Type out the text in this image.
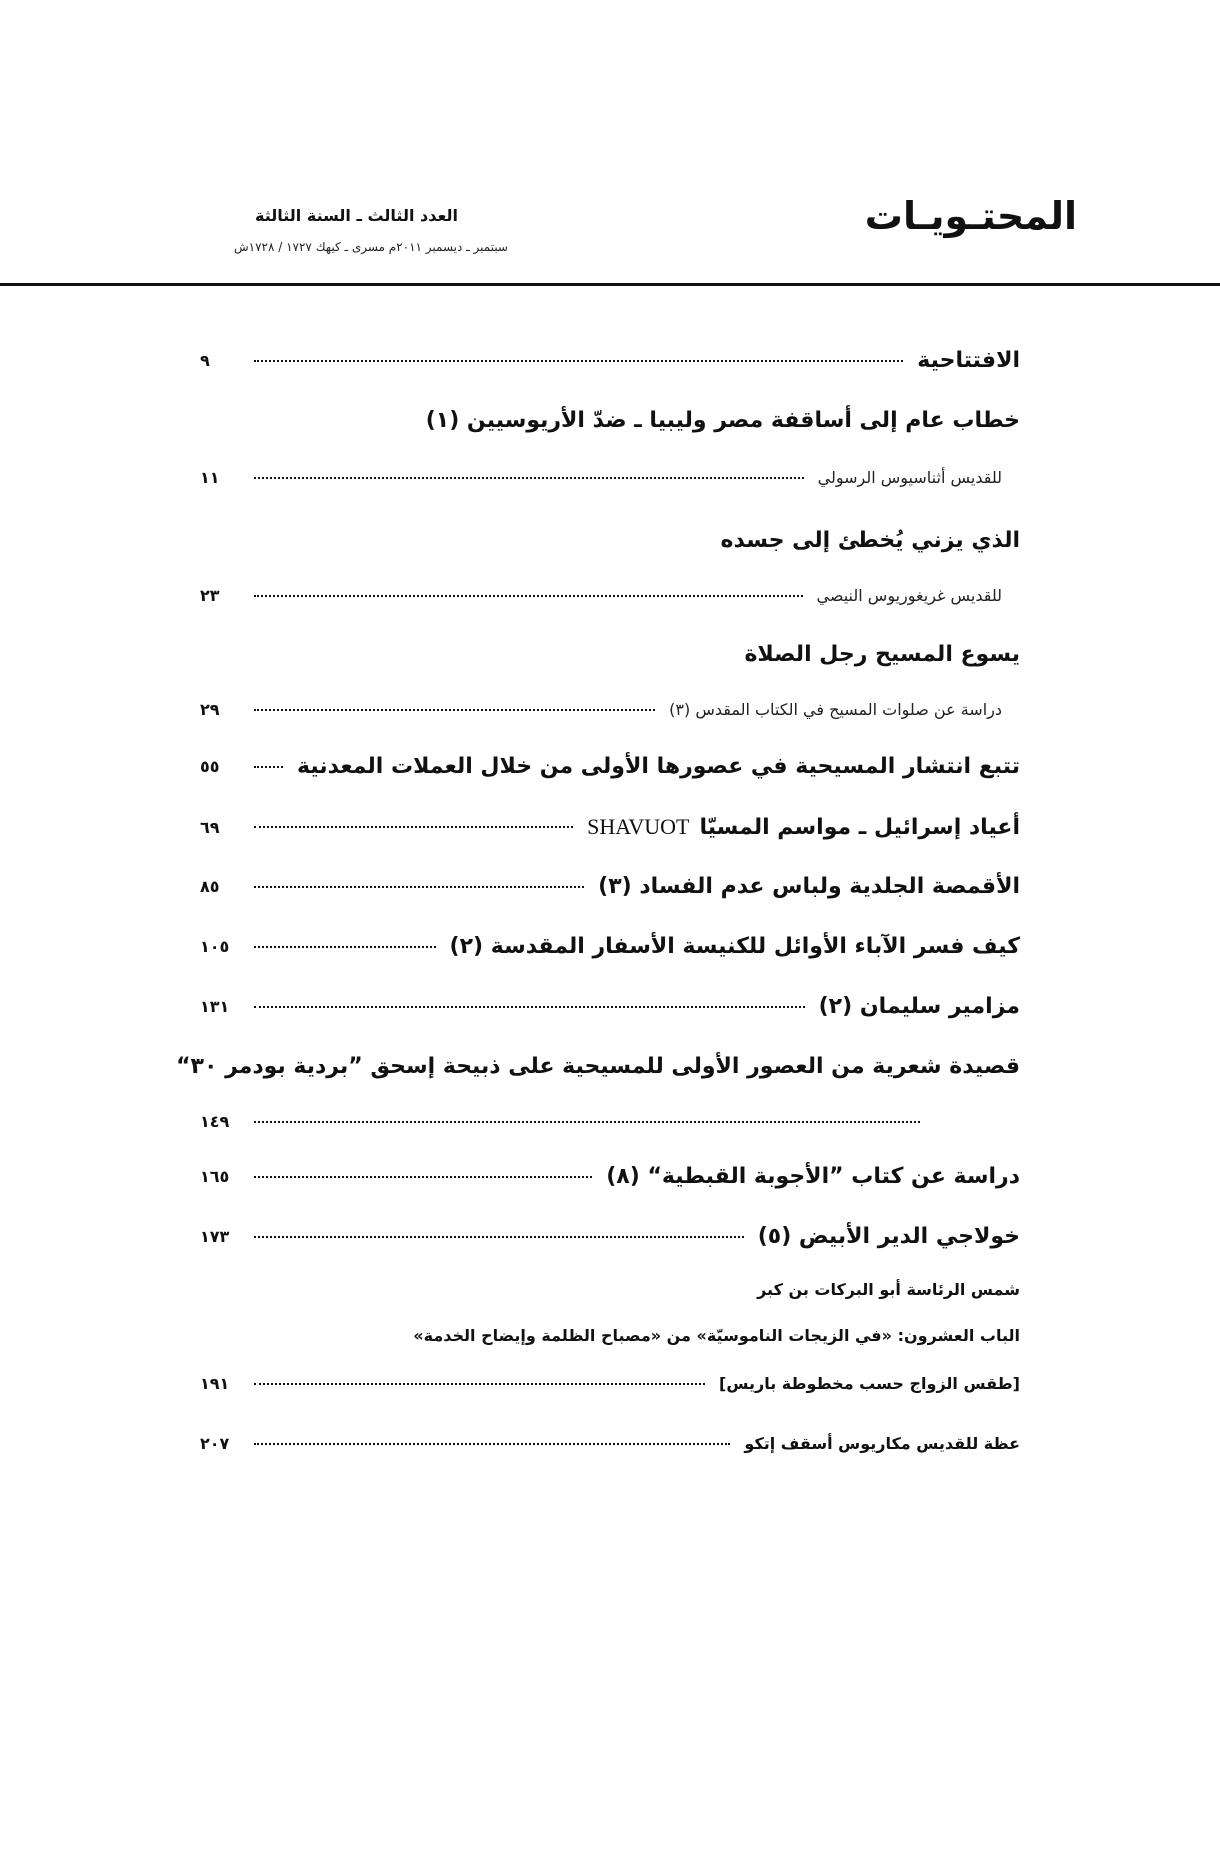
المحتـويـات
العدد الثالث ـ السنة الثالثة
سبتمبر ـ ديسمبر ٢٠١١م مسرى ـ كيهك ١٧٢٧ / ١٧٢٨ش
الافتتاحية
٩
خطاب عام إلى أساقفة مصر وليبيا ـ ضدّ الأريوسيين (١)
للقديس أثناسيوس الرسولي
١١
الذي يزني يُخطئ إلى جسده
للقديس غريغوريوس النيصي
٢٣
يسوع المسيح رجل الصلاة
دراسة عن صلوات المسيح في الكتاب المقدس (٣)
٢٩
تتبع انتشار المسيحية في عصورها الأولى من خلال العملات المعدنية
٥٥
أعياد إسرائيل ـ مواسم المسيّا
SHAVUOT
٦٩
الأقمصة الجلدية ولباس عدم الفساد (٣)
٨٥
كيف فسر الآباء الأوائل للكنيسة الأسفار المقدسة (٢)
١٠٥
مزامير سليمان (٢)
١٣١
قصيدة شعرية من العصور الأولى للمسيحية على ذبيحة إسحق ”بردية بودمر ٣٠“
١٤٩
دراسة عن كتاب ”الأجوبة القبطية“ (٨)
١٦٥
خولاجي الدير الأبيض (٥)
١٧٣
شمس الرئاسة أبو البركات بن كبر
الباب العشرون: «في الزيجات الناموسيّة» من «مصباح الظلمة وإيضاح الخدمة»
[طقس الزواج حسب مخطوطة باريس]
١٩١
عظة للقديس مكاريوس أسقف إتكو
٢٠٧
